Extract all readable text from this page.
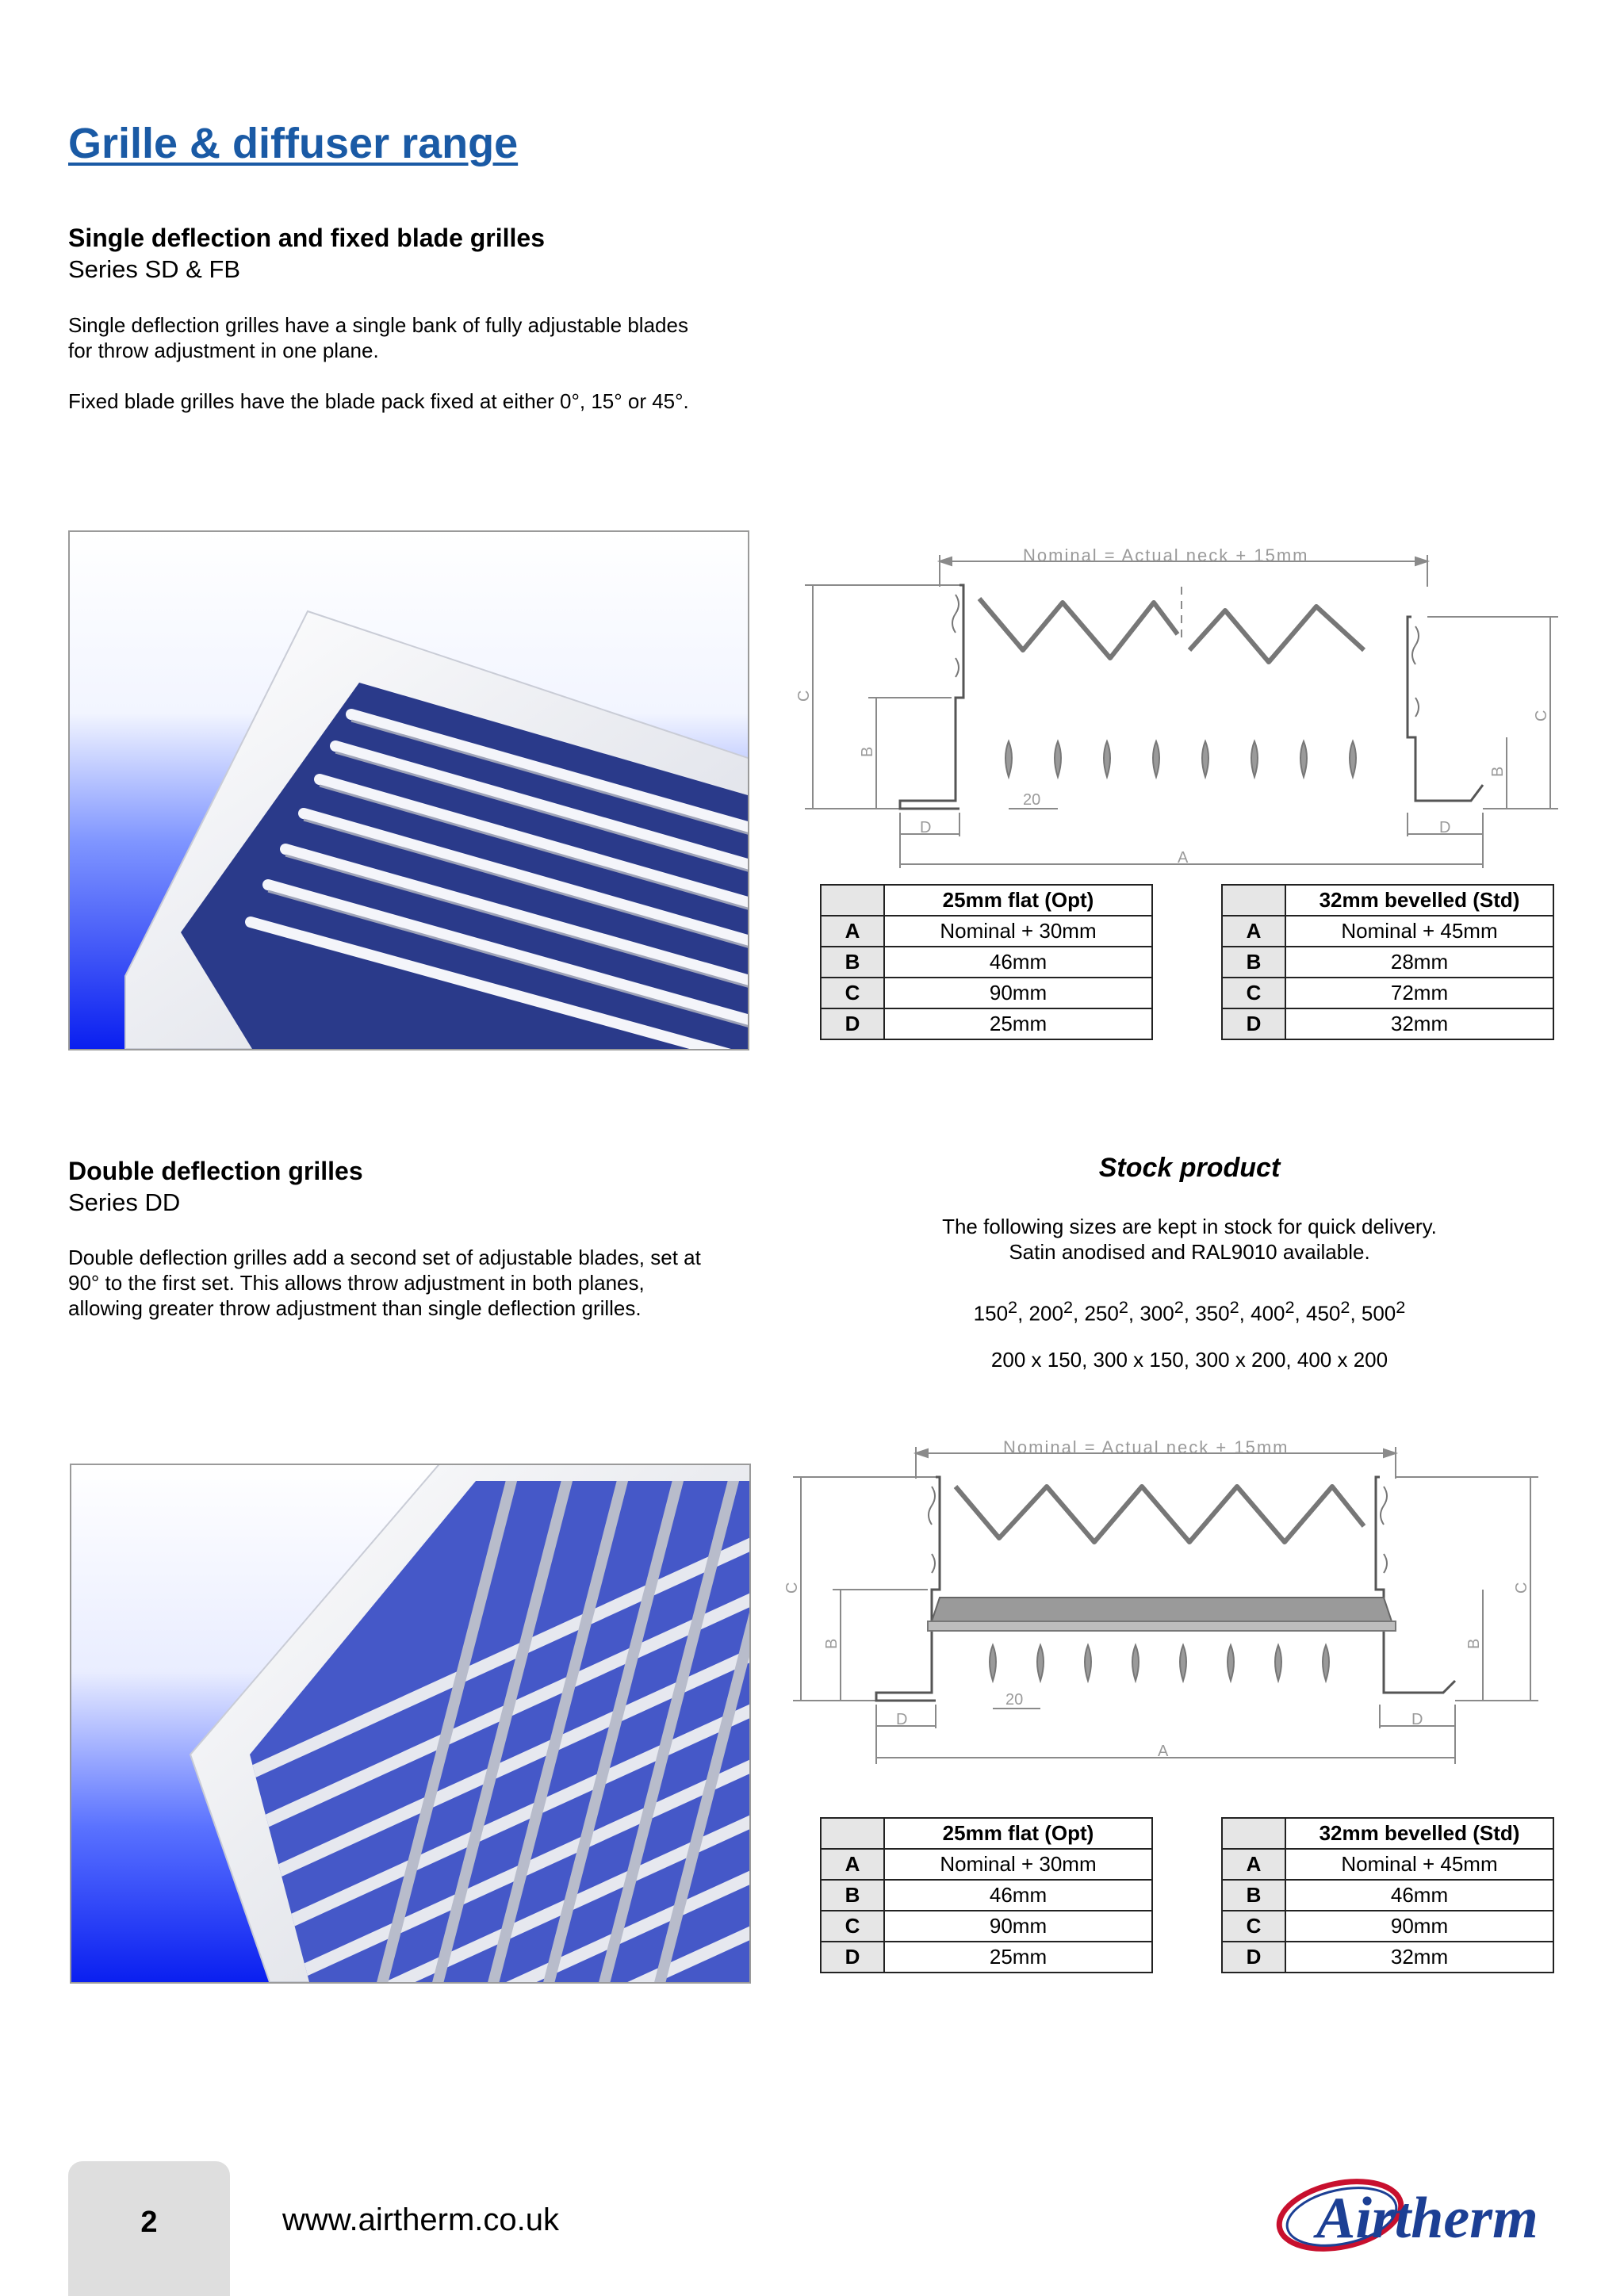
Grille & diffuser range
Single deflection and fixed blade grilles
Series SD & FB
Single deflection grilles have a single bank of fully adjustable blades
for throw adjustment in one plane.
Fixed blade grilles have the blade pack fixed at either 0°, 15° or 45°.
Nominal = Actual neck + 15mm
C
B
C
B
20
D	D
A
	25mm flat (Opt)
A	Nominal + 30mm
B	46mm
C	90mm
D	25mm
	32mm bevelled (Std)
A	Nominal + 45mm
B	28mm
C	72mm
D	32mm
Double deflection grilles
Series DD
Double deflection grilles add a second set of adjustable blades, set at
90° to the first set. This allows throw adjustment in both planes,
allowing greater throw adjustment than single deflection grilles.
Stock product
The following sizes are kept in stock for quick delivery.
Satin anodised and RAL9010 available.
$150^2$, $200^2$, $250^2$, $300^2$, $350^2$, $400^2$, $450^2$, $500^2$
200 x 150, 300 x 150, 300 x 200, 400 x 200
Nominal = Actual neck + 15mm
C
B
C
B
20
D	D
A
	25mm flat (Opt)
A	Nominal + 30mm
B	46mm
C	90mm
D	25mm
	32mm bevelled (Std)
A	Nominal + 45mm
B	46mm
C	90mm
D	32mm
2	www.airtherm.co.uk	Airtherm
